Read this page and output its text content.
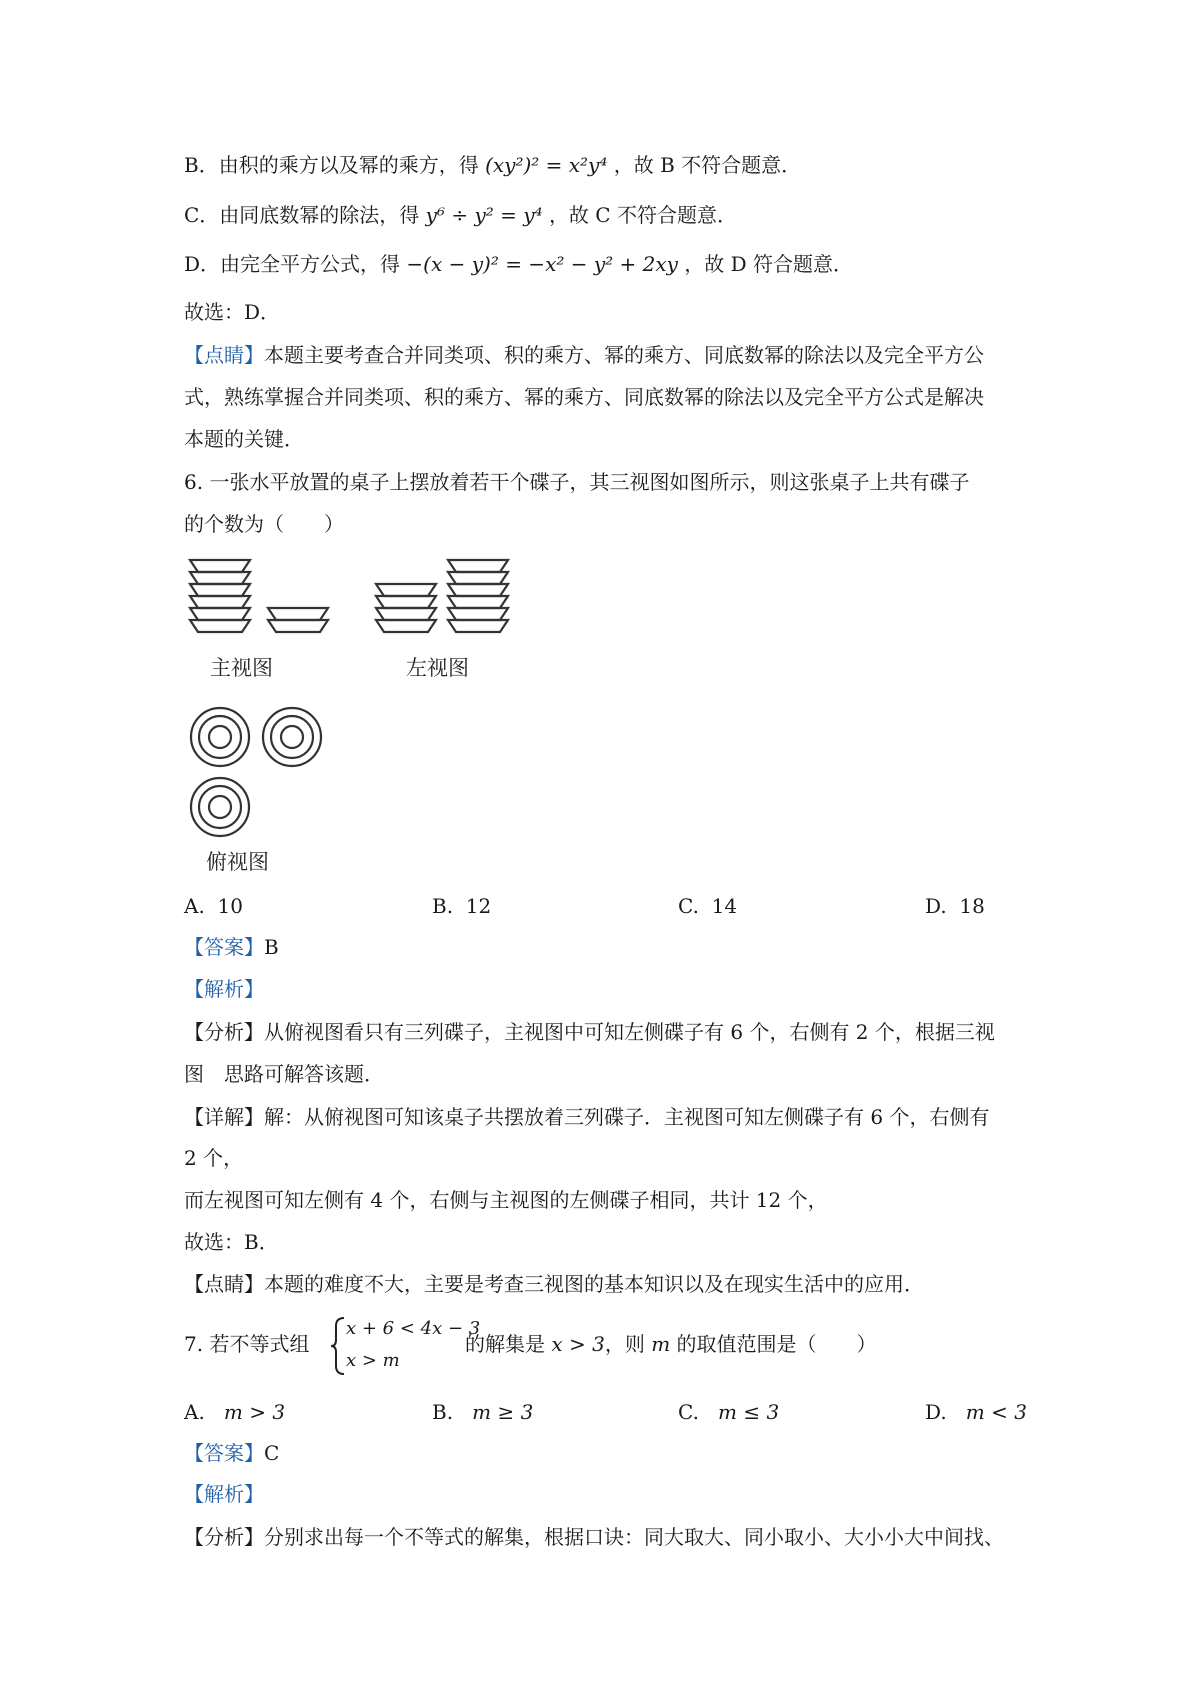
B．由积的乘方以及幂的乘方，得 (xy²)² = x²y⁴ ，故 B 不符合题意．
C．由同底数幂的除法，得 y⁶ ÷ y² = y⁴ ，故 C 不符合题意．
D．由完全平方公式，得 −(x − y)² = −x² − y² + 2xy ，故 D 符合题意．
故选：D．
【点睛】本题主要考查合并同类项、积的乘方、幂的乘方、同底数幂的除法以及完全平方公
式，熟练掌握合并同类项、积的乘方、幂的乘方、同底数幂的除法以及完全平方公式是解决
本题的关键．
6. 一张水平放置的桌子上摆放着若干个碟子，其三视图如图所示，则这张桌子上共有碟子
的个数为（　　）
主视图	左视图
俯视图
A. 10	B. 12	C. 14	D. 18
【答案】B
【解析】
【分析】从俯视图看只有三列碟子，主视图中可知左侧碟子有 6 个，右侧有 2 个，根据三视
图　思路可解答该题．
【详解】解：从俯视图可知该桌子共摆放着三列碟子．主视图可知左侧碟子有 6 个，右侧有
2 个，
而左视图可知左侧有 4 个，右侧与主视图的左侧碟子相同，共计 12 个，
故选：B．
【点睛】本题的难度不大，主要是考查三视图的基本知识以及在现实生活中的应用．
7. 若不等式组
x + 6 < 4x − 3
x > m
的解集是 x > 3，则 m 的取值范围是（　　）
A. m > 3	B. m ≥ 3	C. m ≤ 3	D. m < 3
【答案】C
【解析】
【分析】分别求出每一个不等式的解集，根据口诀：同大取大、同小取小、大小小大中间找、
